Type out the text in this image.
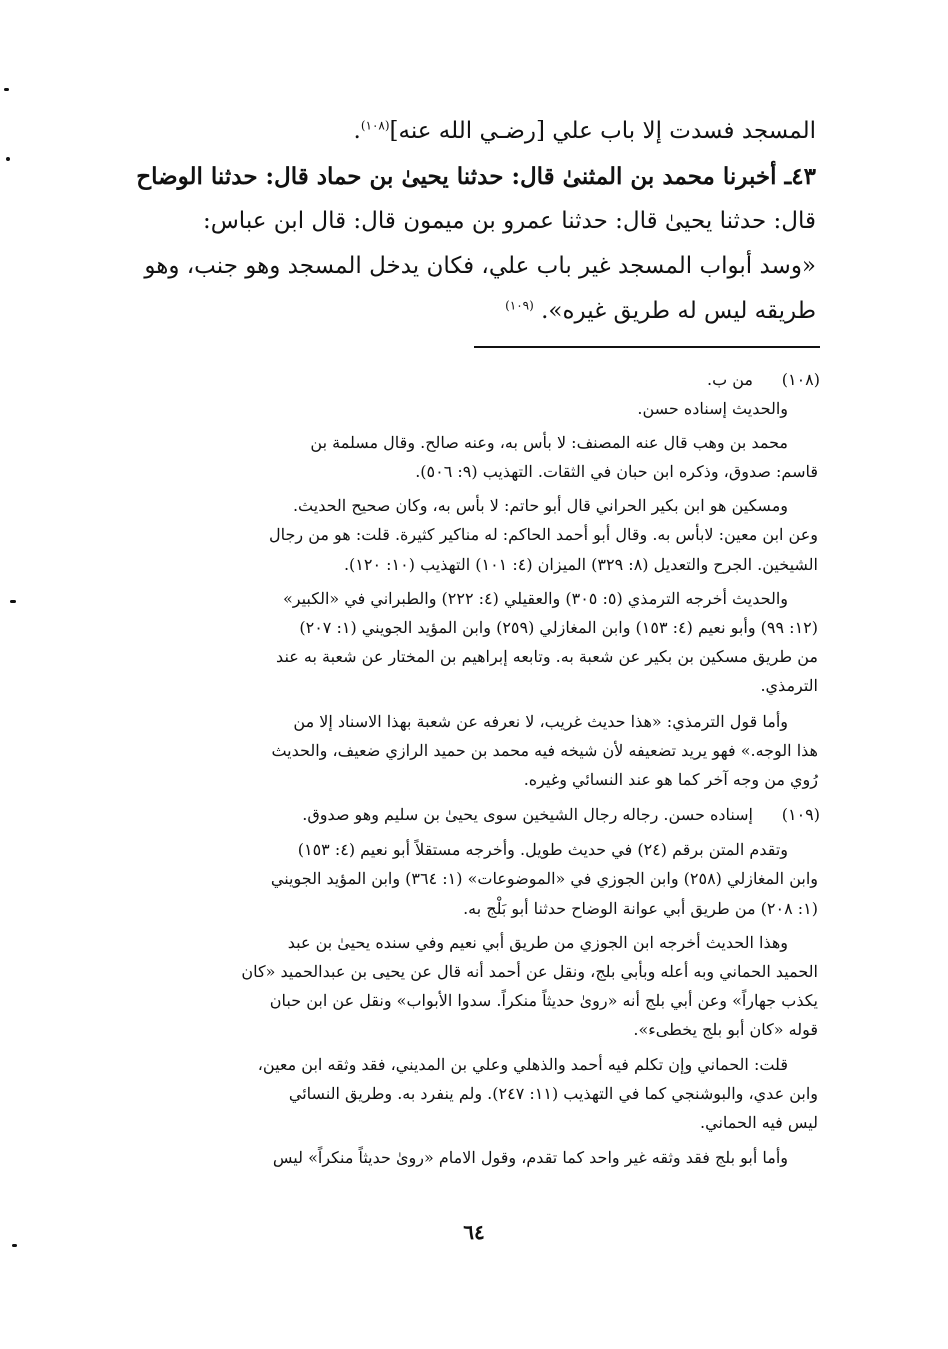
المسجد فسدت إلا باب علي [رضـي الله عنه]$^{(١٠٨)}$.
٤٣ـ أخبرنا محمد بن المثنىٰ قال: حدثنا يحيىٰ بن حماد قال: حدثنا الوضاح
قال: حدثنا يحيىٰ قال: حدثنا عمرو بن ميمون قال: قال ابن عباس:
«وسد أبواب المسجد غير باب علي، فكان يدخل المسجد وهو جنب، وهو
طريقه ليس له طريق غيره». $^{(١٠٩)}$
(١٠٨)
من ب.
والحديث إسناده حسن.
محمد بن وهب قال عنه المصنف: لا بأس به، وعنه صالح. وقال مسلمة بن
قاسم: صدوق، وذكره ابن حبان في الثقات. التهذيب (٩: ٥٠٦).
ومسكين هو ابن بكير الحراني قال أبو حاتم: لا بأس به، وكان صحيح الحديث.
وعن ابن معين: لابأس به. وقال أبو أحمد الحاكم: له مناكير كثيرة. قلت: هو من رجال
الشيخين. الجرح والتعديل (٨: ٣٢٩) الميزان (٤: ١٠١) التهذيب (١٠: ١٢٠).
والحديث أخرجه الترمذي (٥: ٣٠٥) والعقيلي (٤: ٢٢٢) والطبراني في «الكبير»
(١٢: ٩٩) وأبو نعيم (٤: ١٥٣) وابن المغازلي (٢٥٩) وابن المؤيد الجويني (١: ٢٠٧)
من طريق مسكين بن بكير عن شعبة به. وتابعه إبراهيم بن المختار عن شعبة به عند
الترمذي.
وأما قول الترمذي: «هذا حديث غريب، لا نعرفه عن شعبة بهذا الاسناد إلا من
هذا الوجه.» فهو يريد تضعيفه لأن شيخه فيه محمد بن حميد الرازي ضعيف، والحديث
رُوي من وجه آخر كما هو عند النسائي وغيره.
(١٠٩)
إسناده حسن. رجاله رجال الشيخين سوى يحيىٰ بن سليم وهو صدوق.
وتقدم المتن برقم (٢٤) في حديث طويل. وأخرجه مستقلاً أبو نعيم (٤: ١٥٣)
وابن المغازلي (٢٥٨) وابن الجوزي في «الموضوعات» (١: ٣٦٤) وابن المؤيد الجويني
(١: ٢٠٨) من طريق أبي عوانة الوضاح حدثنا أبو بَلْج به.
وهذا الحديث أخرجه ابن الجوزي من طريق أبي نعيم وفي سنده يحيىٰ بن عبد
الحميد الحماني وبه أعله وبأبي بلج، ونقل عن أحمد أنه قال عن يحيى بن عبدالحميد «كان
يكذب جهاراً» وعن أبي بلج أنه «روىٰ حديثاً منكراً. سدوا الأبواب» ونقل عن ابن حبان
قوله «كان أبو بلج يخطىء».
قلت: الحماني وإن تكلم فيه أحمد والذهلي وعلي بن المديني، فقد وثقه ابن معين،
وابن عدي، والبوشنجي كما في التهذيب (١١: ٢٤٧). ولم ينفرد به. وطريق النسائي
ليس فيه الحماني.
وأما أبو بلج فقد وثقه غير واحد كما تقدم، وقول الامام «روىٰ حديثاً منكراً» ليس
٦٤
